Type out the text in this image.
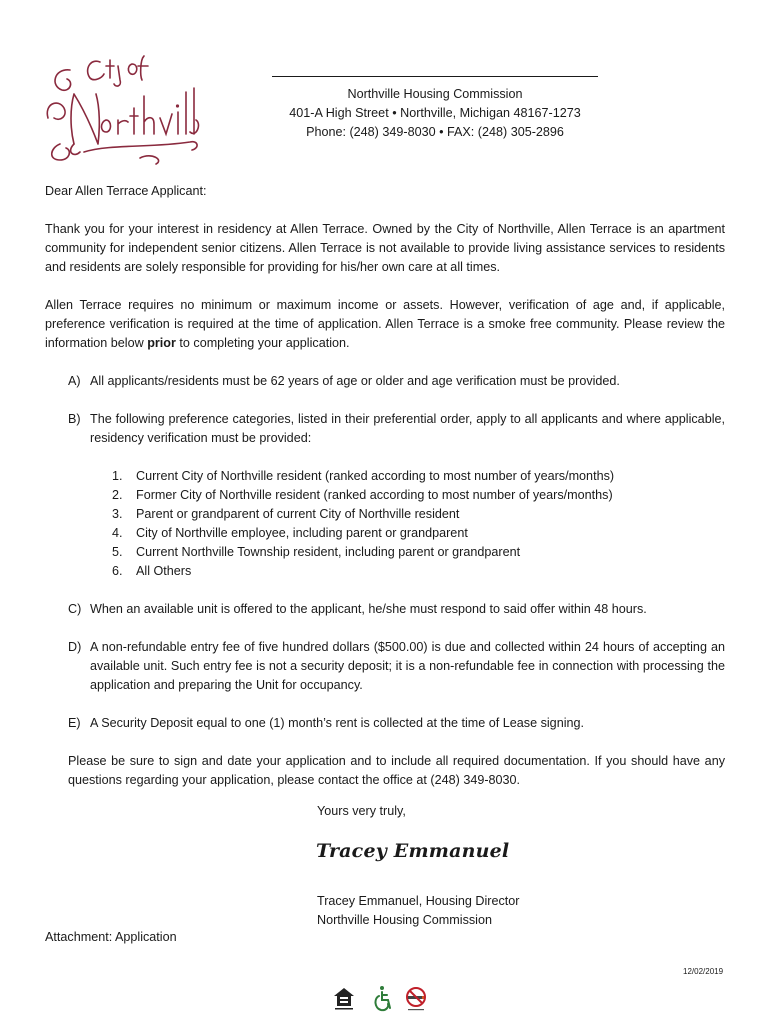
Northville Housing Commission
401-A High Street • Northville, Michigan 48167-1273
Phone: (248) 349-8030 • FAX: (248) 305-2896
Dear Allen Terrace Applicant:
Thank you for your interest in residency at Allen Terrace. Owned by the City of Northville, Allen Terrace is an apartment community for independent senior citizens. Allen Terrace is not available to provide living assistance services to residents and residents are solely responsible for providing for his/her own care at all times.
Allen Terrace requires no minimum or maximum income or assets. However, verification of age and, if applicable, preference verification is required at the time of application. Allen Terrace is a smoke free community. Please review the information below prior to completing your application.
A) All applicants/residents must be 62 years of age or older and age verification must be provided.
B) The following preference categories, listed in their preferential order, apply to all applicants and where applicable, residency verification must be provided:
1.	Current City of Northville resident (ranked according to most number of years/months)
2.	Former City of Northville resident (ranked according to most number of years/months)
3.	Parent or grandparent of current City of Northville resident
4.	City of Northville employee, including parent or grandparent
5.	Current Northville Township resident, including parent or grandparent
6.	All Others
C) When an available unit is offered to the applicant, he/she must respond to said offer within 48 hours.
D) A non-refundable entry fee of five hundred dollars ($500.00) is due and collected within 24 hours of accepting an available unit. Such entry fee is not a security deposit; it is a non-refundable fee in connection with processing the application and preparing the Unit for occupancy.
E) A Security Deposit equal to one (1) month’s rent is collected at the time of Lease signing.
Please be sure to sign and date your application and to include all required documentation. If you should have any questions regarding your application, please contact the office at (248) 349-8030.
Yours very truly,
Tracey Emmanuel
Tracey Emmanuel, Housing Director
Northville Housing Commission
Attachment: Application
12/02/2019
